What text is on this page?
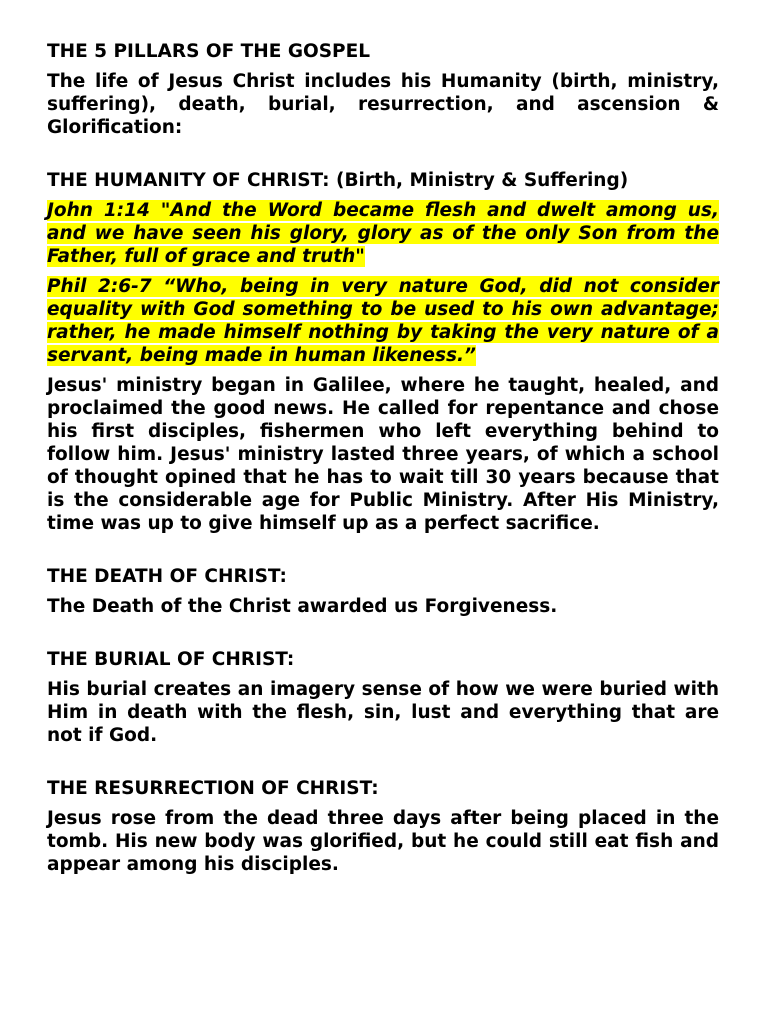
THE 5 PILLARS OF THE GOSPEL

The life of Jesus Christ includes his Humanity (birth, ministry, suffering), death, burial, resurrection, and ascension & Glorification:

THE HUMANITY OF CHRIST: (Birth, Ministry & Suffering)

John 1:14 "And the Word became flesh and dwelt among us, and we have seen his glory, glory as of the only Son from the Father, full of grace and truth"

Phil 2:6-7 “Who, being in very nature God, did not consider equality with God something to be used to his own advantage; rather, he made himself nothing by taking the very nature of a servant, being made in human likeness.”

Jesus' ministry began in Galilee, where he taught, healed, and proclaimed the good news. He called for repentance and chose his first disciples, fishermen who left everything behind to follow him. Jesus' ministry lasted three years, of which a school of thought opined that he has to wait till 30 years because that is the considerable age for Public Ministry. After His Ministry, time was up to give himself up as a perfect sacrifice.

THE DEATH OF CHRIST:

The Death of the Christ awarded us Forgiveness.

THE BURIAL OF CHRIST:

His burial creates an imagery sense of how we were buried with Him in death with the flesh, sin, lust and everything that are not if God.

THE RESURRECTION OF CHRIST:

Jesus rose from the dead three days after being placed in the tomb. His new body was glorified, but he could still eat fish and appear among his disciples.
